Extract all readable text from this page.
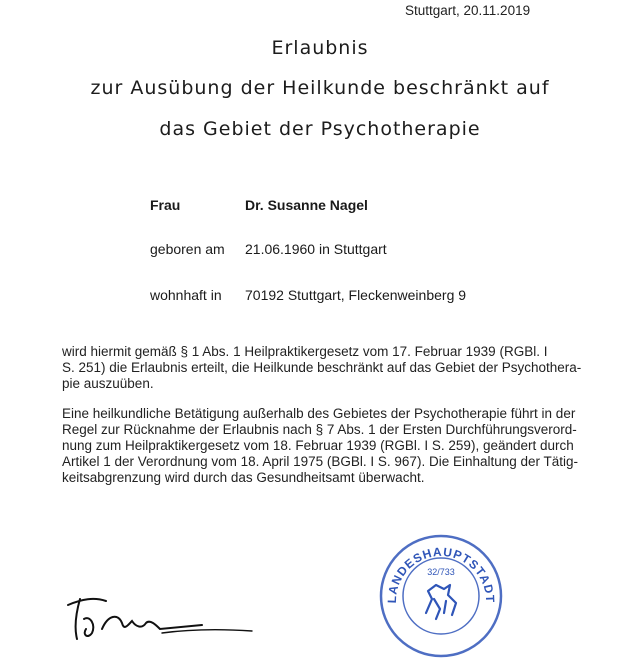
Stuttgart, 20.11.2019
Erlaubnis
zur Ausübung der Heilkunde beschränkt auf
das Gebiet der Psychotherapie
Frau	Dr. Susanne Nagel
geboren am 21.06.1960 in Stuttgart
wohnhaft in 70192 Stuttgart, Fleckenweinberg 9
wird hiermit gemäß § 1 Abs. 1 Heilpraktikergesetz vom 17. Februar 1939 (RGBl. I
S. 251) die Erlaubnis erteilt, die Heilkunde beschränkt auf das Gebiet der Psychothera-
pie auszuüben.
Eine heilkundliche Betätigung außerhalb des Gebietes der Psychotherapie führt in der
Regel zur Rücknahme der Erlaubnis nach § 7 Abs. 1 der Ersten Durchführungsverord-
nung zum Heilpraktikergesetz vom 18. Februar 1939 (RGBl. I S. 259), geändert durch
Artikel 1 der Verordnung vom 18. April 1975 (BGBl. I S. 967). Die Einhaltung der Tätig-
keitsabgrenzung wird durch das Gesundheitsamt überwacht.
LANDESHAUPTSTADT
32/733
